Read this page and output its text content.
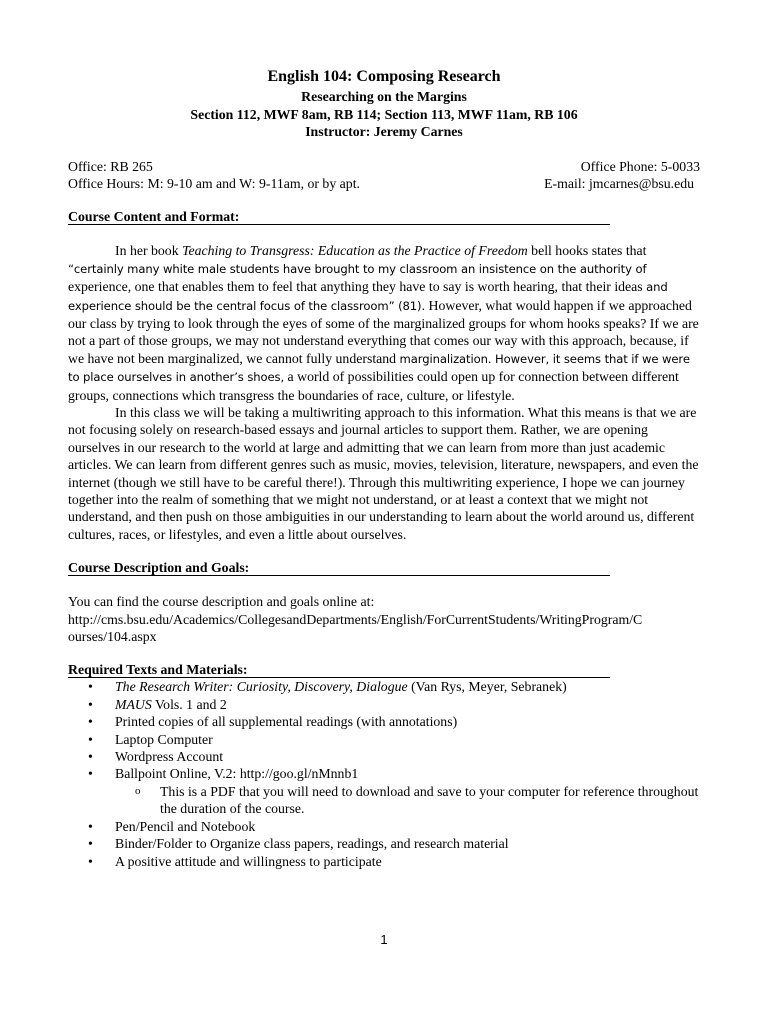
English 104: Composing Research
Researching on the Margins
Section 112, MWF 8am, RB 114; Section 113, MWF 11am, RB 106
Instructor: Jeremy Carnes
Office: RB 265	Office Phone: 5-0033
Office Hours: M: 9-10 am and W: 9-11am, or by apt.	E-mail: jmcarnes@bsu.edu
Course Content and Format:

In her book Teaching to Transgress: Education as the Practice of Freedom bell hooks states that “certainly many white male students have brought to my classroom an insistence on the authority of experience, one that enables them to feel that anything they have to say is worth hearing, that their ideas and experience should be the central focus of the classroom” (81). However, what would happen if we approached our class by trying to look through the eyes of some of the marginalized groups for whom hooks speaks? If we are not a part of those groups, we may not understand everything that comes our way with this approach, because, if we have not been marginalized, we cannot fully understand marginalization. However, it seems that if we were to place ourselves in another’s shoes, a world of possibilities could open up for connection between different groups, connections which transgress the boundaries of race, culture, or lifestyle.

In this class we will be taking a multiwriting approach to this information. What this means is that we are not focusing solely on research-based essays and journal articles to support them. Rather, we are opening ourselves in our research to the world at large and admitting that we can learn from more than just academic articles. We can learn from different genres such as music, movies, television, literature, newspapers, and even the internet (though we still have to be careful there!). Through this multiwriting experience, I hope we can journey together into the realm of something that we might not understand, or at least a context that we might not understand, and then push on those ambiguities in our understanding to learn about the world around us, different cultures, races, or lifestyles, and even a little about ourselves.

Course Description and Goals:
You can find the course description and goals online at:
http://cms.bsu.edu/Academics/CollegesandDepartments/English/ForCurrentStudents/WritingProgram/C ourses/104.aspx
Required Texts and Materials:
• The Research Writer: Curiosity, Discovery, Dialogue (Van Rys, Meyer, Sebranek)
• MAUS Vols. 1 and 2
• Printed copies of all supplemental readings (with annotations)
• Laptop Computer
• Wordpress Account
• Ballpoint Online, V.2: http://goo.gl/nMnnb1
o This is a PDF that you will need to download and save to your computer for reference throughout the duration of the course.
• Pen/Pencil and Notebook
• Binder/Folder to Organize class papers, readings, and research material
• A positive attitude and willingness to participate
1
